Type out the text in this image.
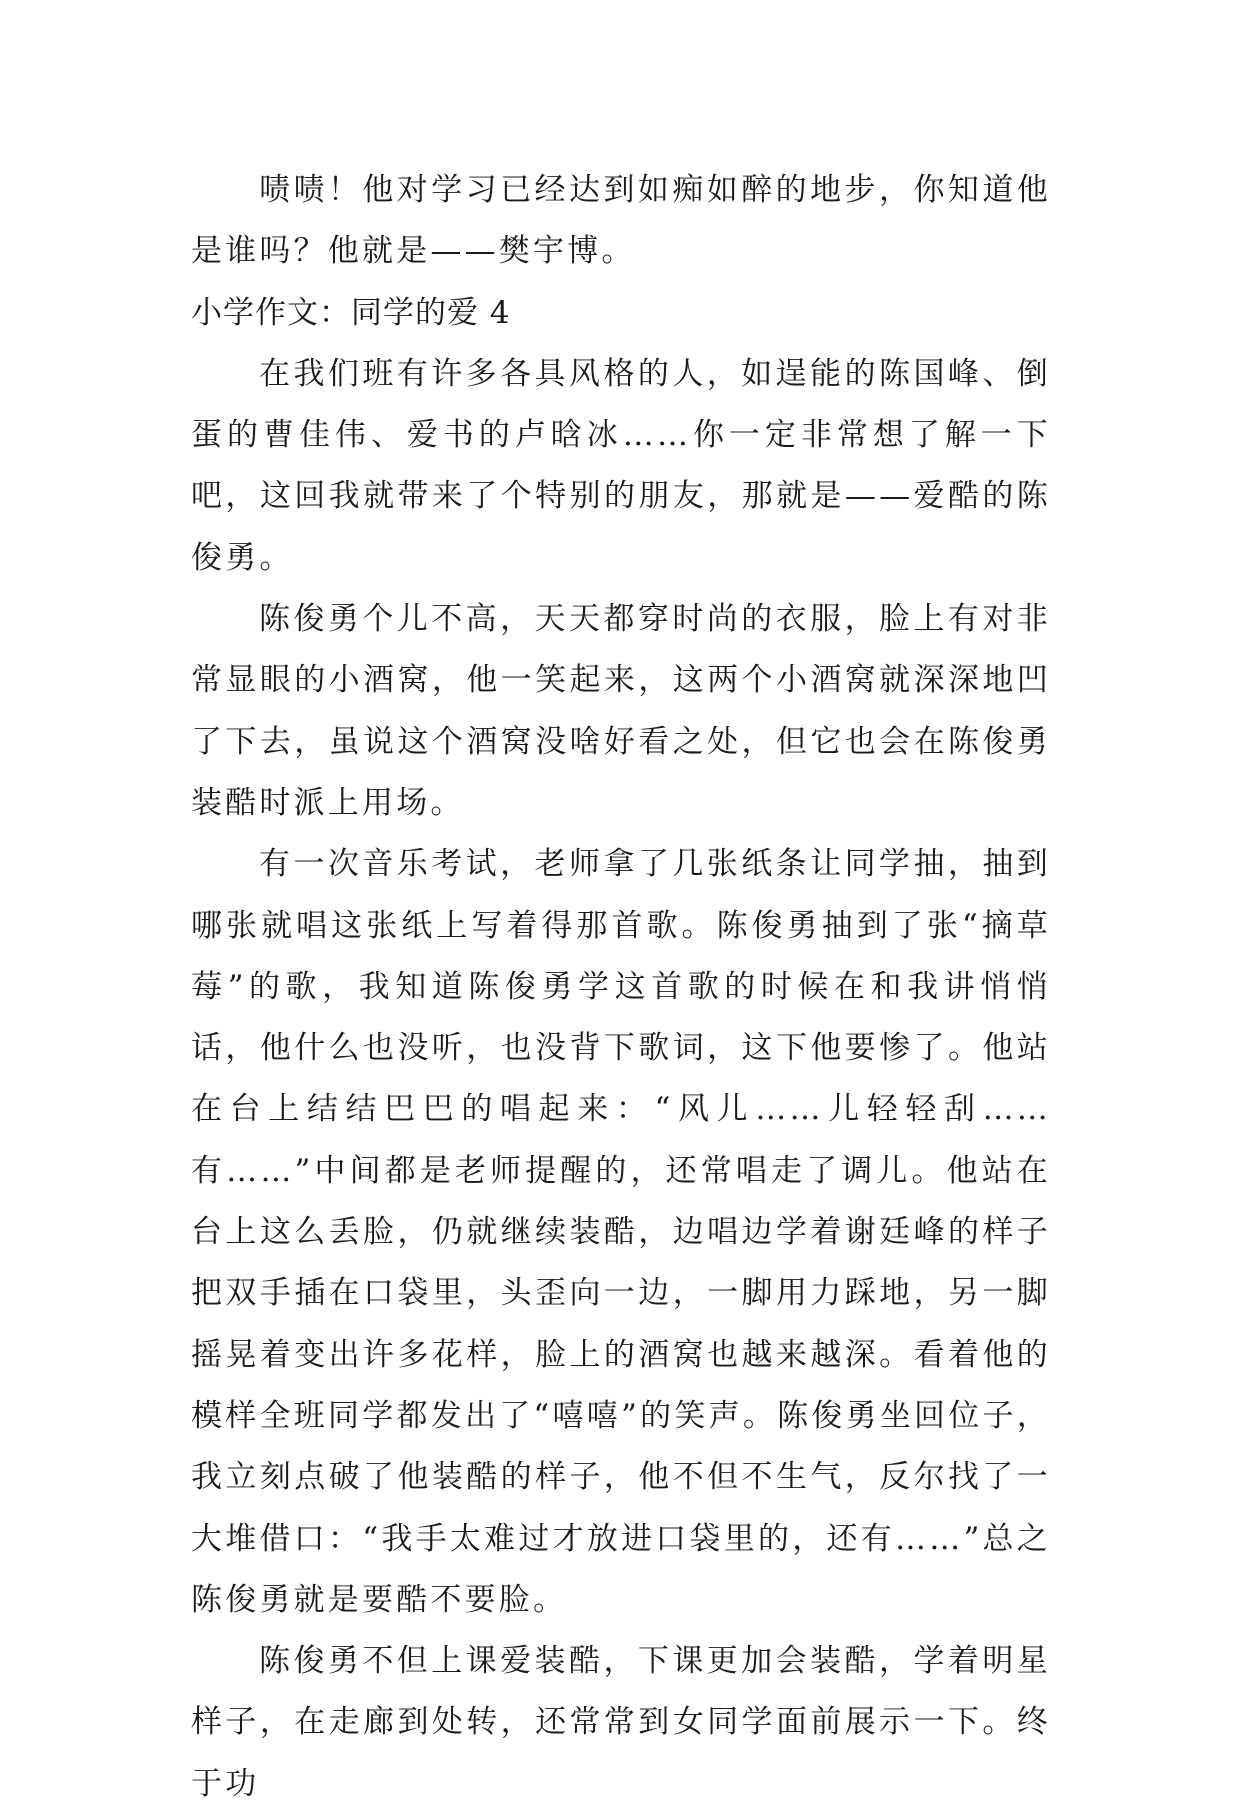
啧啧！他对学习已经达到如痴如醉的地步，你知道他是谁吗？他就是——樊宇博。

小学作文：同学的爱 4

在我们班有许多各具风格的人，如逞能的陈国峰、倒蛋的曹佳伟、爱书的卢晗冰……你一定非常想了解一下吧，这回我就带来了个特别的朋友，那就是——爱酷的陈俊勇。

陈俊勇个儿不高，天天都穿时尚的衣服，脸上有对非常显眼的小酒窝，他一笑起来，这两个小酒窝就深深地凹了下去，虽说这个酒窝没啥好看之处，但它也会在陈俊勇装酷时派上用场。

有一次音乐考试，老师拿了几张纸条让同学抽，抽到哪张就唱这张纸上写着得那首歌。陈俊勇抽到了张“摘草莓”的歌，我知道陈俊勇学这首歌的时候在和我讲悄悄话，他什么也没听，也没背下歌词，这下他要惨了。他站在台上结结巴巴的唱起来：“风儿……儿轻轻刮……有……”中间都是老师提醒的，还常唱走了调儿。他站在台上这么丢脸，仍就继续装酷，边唱边学着谢廷峰的样子把双手插在口袋里，头歪向一边，一脚用力踩地，另一脚摇晃着变出许多花样，脸上的酒窝也越来越深。看着他的模样全班同学都发出了“嘻嘻”的笑声。陈俊勇坐回位子，我立刻点破了他装酷的样子，他不但不生气，反尔找了一大堆借口：“我手太难过才放进口袋里的，还有……”总之陈俊勇就是要酷不要脸。

陈俊勇不但上课爱装酷，下课更加会装酷，学着明星样子，在走廊到处转，还常常到女同学面前展示一下。终于功
